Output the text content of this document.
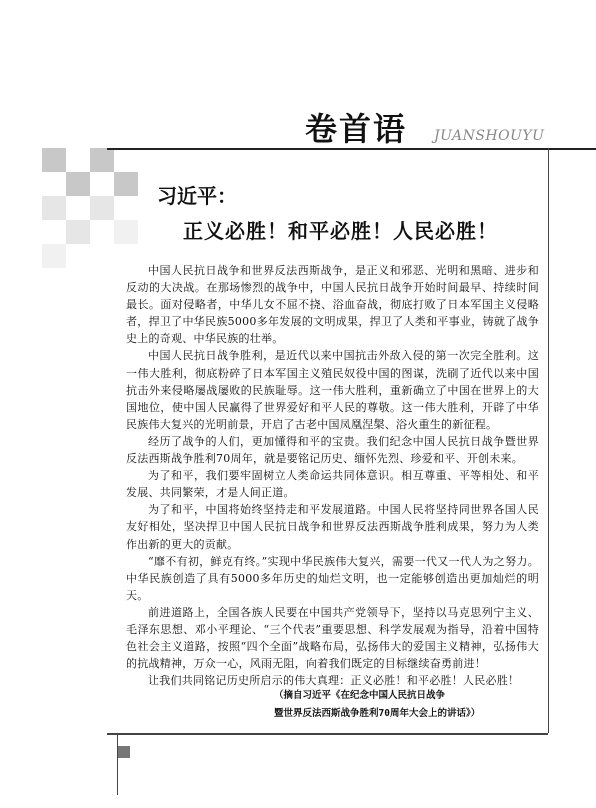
卷首语 JUANSHOUYU
习近平：
正义必胜！和平必胜！人民必胜！

中国人民抗日战争和世界反法西斯战争，是正义和邪恶、光明和黑暗、进步和反动的大决战。在那场惨烈的战争中，中国人民抗日战争开始时间最早、持续时间最长。面对侵略者，中华儿女不屈不挠、浴血奋战，彻底打败了日本军国主义侵略者，捍卫了中华民族5000多年发展的文明成果，捍卫了人类和平事业，铸就了战争史上的奇观、中华民族的壮举。

中国人民抗日战争胜利，是近代以来中国抗击外敌入侵的第一次完全胜利。这一伟大胜利，彻底粉碎了日本军国主义殖民奴役中国的图谋，洗刷了近代以来中国抗击外来侵略屡战屡败的民族耻辱。这一伟大胜利，重新确立了中国在世界上的大国地位，使中国人民赢得了世界爱好和平人民的尊敬。这一伟大胜利，开辟了中华民族伟大复兴的光明前景，开启了古老中国凤凰涅槃、浴火重生的新征程。

经历了战争的人们，更加懂得和平的宝贵。我们纪念中国人民抗日战争暨世界反法西斯战争胜利70周年，就是要铭记历史、缅怀先烈、珍爱和平、开创未来。

为了和平，我们要牢固树立人类命运共同体意识。相互尊重、平等相处、和平发展、共同繁荣，才是人间正道。

为了和平，中国将始终坚持走和平发展道路。中国人民将坚持同世界各国人民友好相处，坚决捍卫中国人民抗日战争和世界反法西斯战争胜利成果，努力为人类作出新的更大的贡献。

“靡不有初，鲜克有终。”实现中华民族伟大复兴，需要一代又一代人为之努力。中华民族创造了具有5000多年历史的灿烂文明，也一定能够创造出更加灿烂的明天。

前进道路上，全国各族人民要在中国共产党领导下，坚持以马克思列宁主义、毛泽东思想、邓小平理论、“三个代表”重要思想、科学发展观为指导，沿着中国特色社会主义道路，按照“四个全面”战略布局，弘扬伟大的爱国主义精神，弘扬伟大的抗战精神，万众一心，风雨无阻，向着我们既定的目标继续奋勇前进！

让我们共同铭记历史所启示的伟大真理：正义必胜！和平必胜！人民必胜！

（摘自习近平《在纪念中国人民抗日战争
暨世界反法西斯战争胜利70周年大会上的讲话》）
